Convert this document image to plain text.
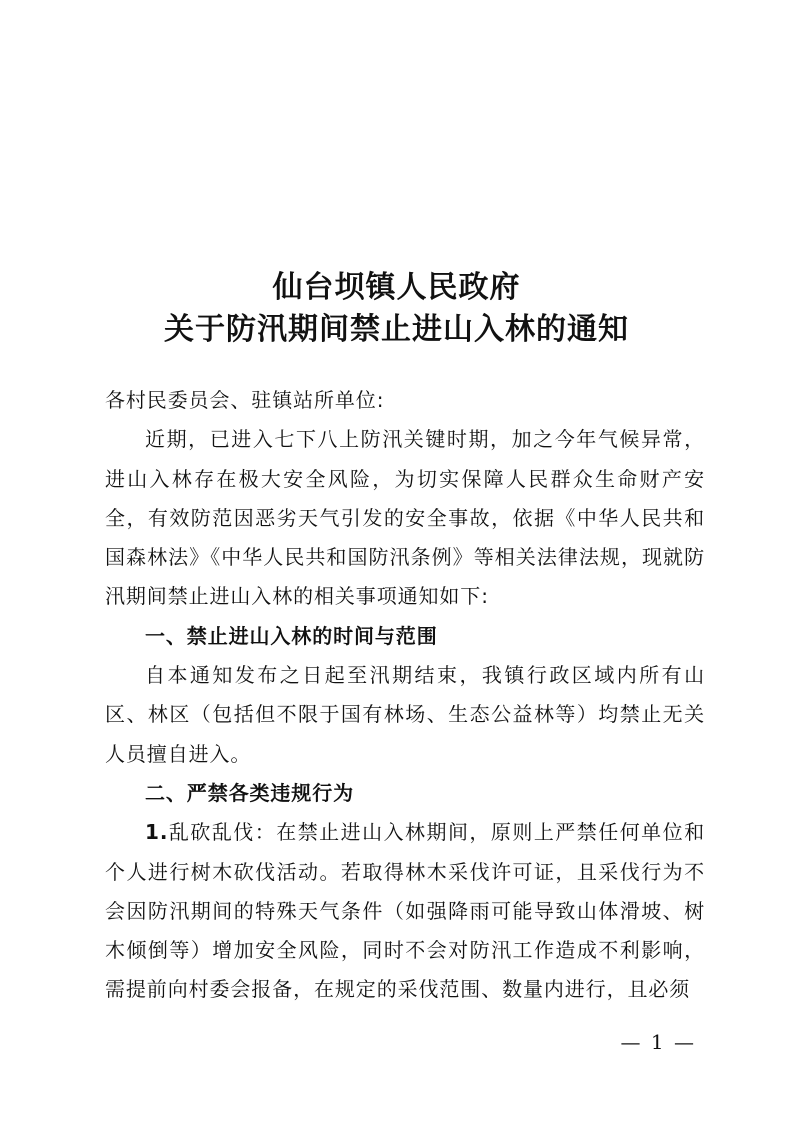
仙台坝镇人民政府
关于防汛期间禁止进山入林的通知

各村民委员会、驻镇站所单位:

近期，已进入七下八上防汛关键时期，加之今年气候异常，进山入林存在极大安全风险，为切实保障人民群众生命财产安全，有效防范因恶劣天气引发的安全事故，依据《中华人民共和国森林法》《中华人民共和国防汛条例》等相关法律法规，现就防汛期间禁止进山入林的相关事项通知如下:

一、禁止进山入林的时间与范围

自本通知发布之日起至汛期结束，我镇行政区域内所有山区、林区（包括但不限于国有林场、生态公益林等）均禁止无关人员擅自进入。

二、严禁各类违规行为

1.乱砍乱伐：在禁止进山入林期间，原则上严禁任何单位和个人进行树木砍伐活动。若取得林木采伐许可证，且采伐行为不会因防汛期间的特殊天气条件（如强降雨可能导致山体滑坡、树木倾倒等）增加安全风险，同时不会对防汛工作造成不利影响，需提前向村委会报备，在规定的采伐范围、数量内进行，且必须

— 1 —
